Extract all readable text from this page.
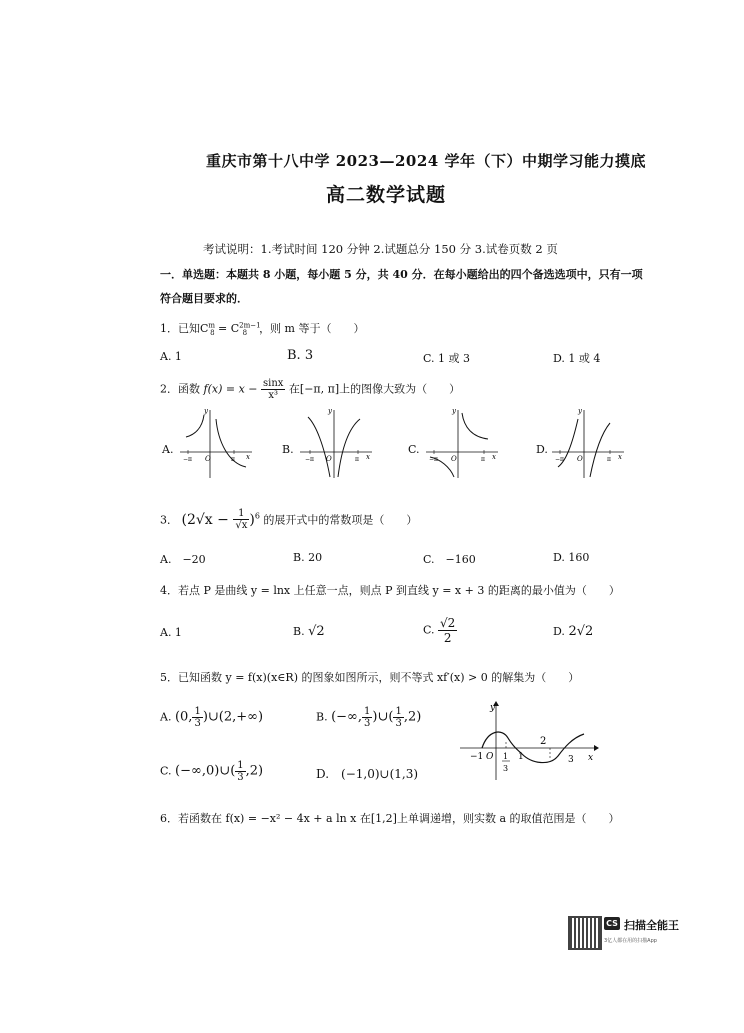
重庆市第十八中学 2023—2024 学年（下）中期学习能力摸底
高二数学试题
考试说明：1.考试时间 120 分钟 2.试题总分 150 分 3.试卷页数 2 页
一．单选题：本题共 8 小题，每小题 5 分，共 40 分．在每小题给出的四个备选选项中，只有一项
符合题目要求的．
1．已知$C^m_8 = C^{2m-1}_8$ ，则 m 等于（　　）
A. 1	B. 3	C. 1 或 3	D. 1 或 4
2．函数 $f(x) = x - \frac{\sin x}{\text{x³}}$ 在[−π, π]上的图像大致为（　　）
A.
−π O	π x
y
B.
−π O	π x
y
C.
−π O	π x
y
D.
−π O	π x
y
3． $(2√x - \frac{1}{√x} )^6$ 的展开式中的常数项是（　　）
A.　−20	B. 20	C.　−160	D. 160
4．若点 P 是曲线 y = lnx 上任意一点，则点 P 到直线 y = x + 3 的距离的最小值为（　　）
A. 1	B. √2	C. $\frac{√2}{2}$	D. 2√2
5．已知函数 y = f(x)(x∈R) 的图象如图所示，则不等式 xf′(x) > 0 的解集为（　　）
A. (0, $\frac{1}{3}$ )∪(2,+∞)	B. (−∞, $\frac{1}{3}$ )∪( $\frac{1}{3} ,2$)
C. (−∞,0)∪( $\frac{1}{3} ,2$)	D.　(−1,0)∪(1,3)
y
x
−1 O 1
3
1
2
3
6．若函数在 f(x) = −x² − 4x + a ln x 在[1,2]上单调递增，则实数 a 的取值范围是（　　）
CS 扫描全能王
3亿人都在用的扫描App
